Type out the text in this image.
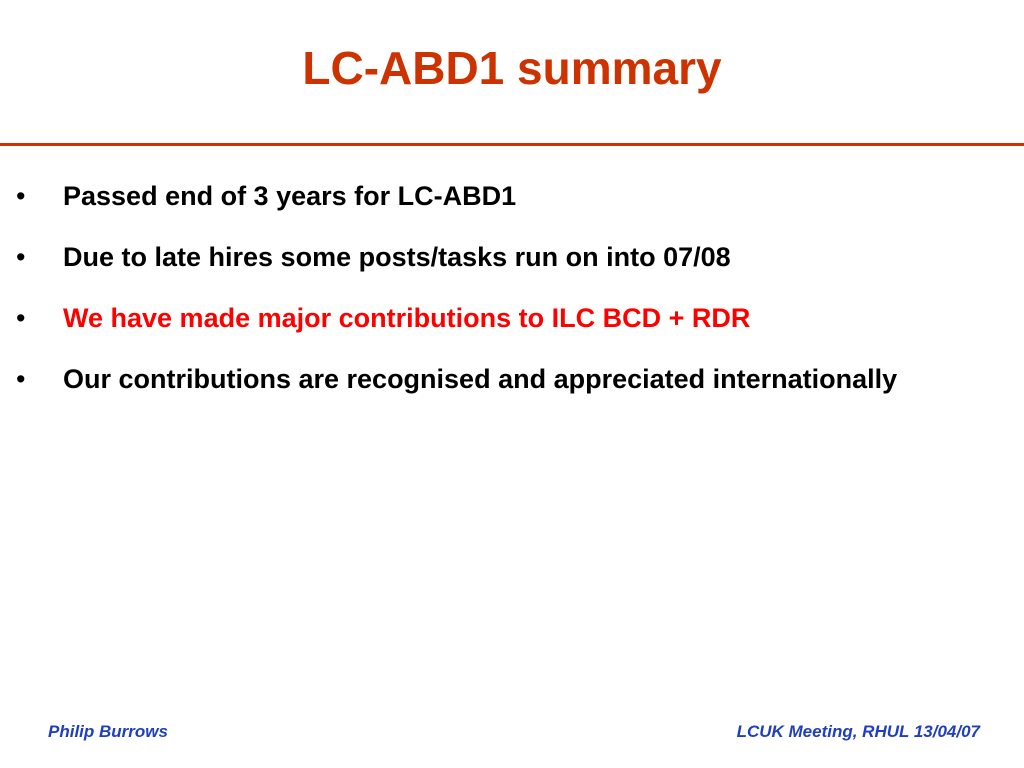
LC-ABD1 summary
•	Passed end of 3 years for LC-ABD1
•	Due to late hires some posts/tasks run on into 07/08
•	We have made major contributions to ILC BCD + RDR
•	Our contributions are recognised and appreciated internationally
Philip Burrows	LCUK Meeting, RHUL 13/04/07
